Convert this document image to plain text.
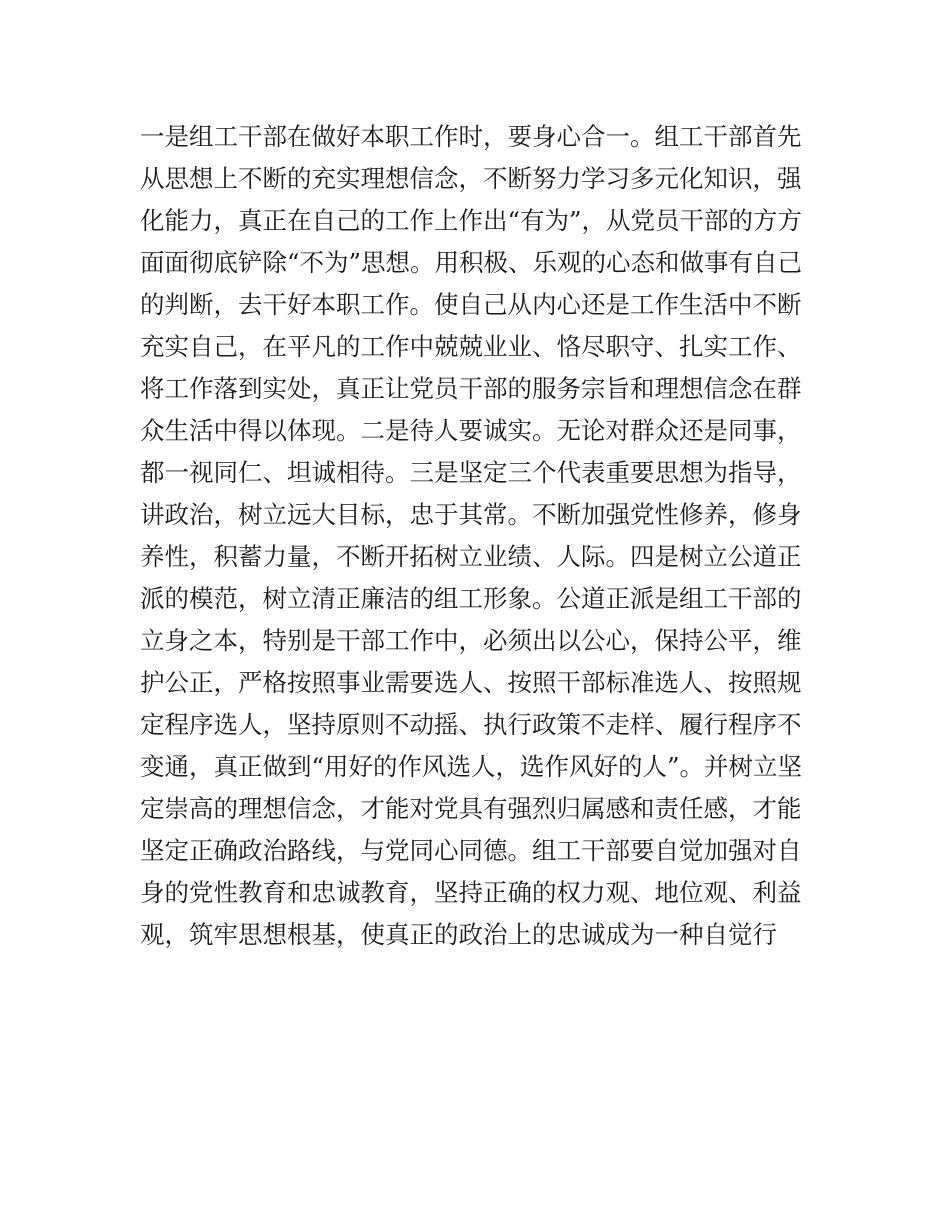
一是组工干部在做好本职工作时，要身心合一。组工干部首先
从思想上不断的充实理想信念，不断努力学习多元化知识，强
化能力，真正在自己的工作上作出“有为”，从党员干部的方方
面面彻底铲除“不为”思想。用积极、乐观的心态和做事有自己
的判断，去干好本职工作。使自己从内心还是工作生活中不断
充实自己，在平凡的工作中兢兢业业、恪尽职守、扎实工作、
将工作落到实处，真正让党员干部的服务宗旨和理想信念在群
众生活中得以体现。二是待人要诚实。无论对群众还是同事，
都一视同仁、坦诚相待。三是坚定三个代表重要思想为指导，
讲政治，树立远大目标，忠于其常。不断加强党性修养，修身
养性，积蓄力量，不断开拓树立业绩、人际。四是树立公道正
派的模范，树立清正廉洁的组工形象。公道正派是组工干部的
立身之本，特别是干部工作中，必须出以公心，保持公平，维
护公正，严格按照事业需要选人、按照干部标准选人、按照规
定程序选人，坚持原则不动摇、执行政策不走样、履行程序不
变通，真正做到“用好的作风选人，选作风好的人”。并树立坚
定崇高的理想信念，才能对党具有强烈归属感和责任感，才能
坚定正确政治路线，与党同心同德。组工干部要自觉加强对自
身的党性教育和忠诚教育，坚持正确的权力观、地位观、利益
观，筑牢思想根基，使真正的政治上的忠诚成为一种自觉行
